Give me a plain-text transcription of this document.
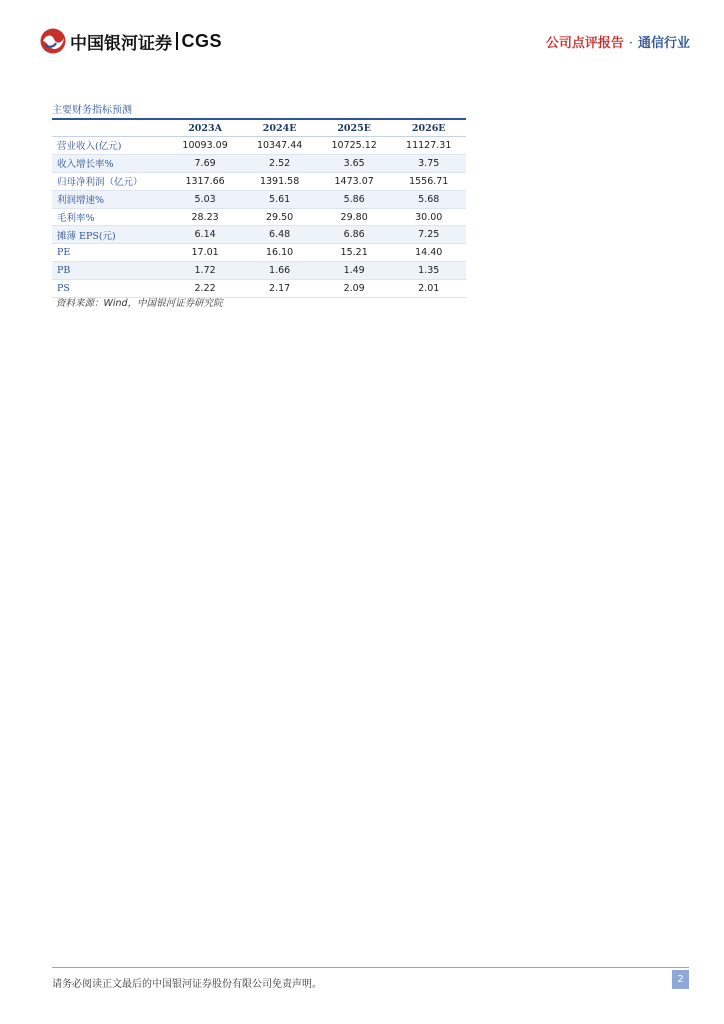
中国银河证券 CGS	公司点评报告 · 通信行业
主要财务指标预测
	2023A	2024E	2025E	2026E
营业收入(亿元)	10093.09	10347.44	10725.12	11127.31
收入增长率%	7.69	2.52	3.65	3.75
归母净利润（亿元）	1317.66	1391.58	1473.07	1556.71
利润增速%	5.03	5.61	5.86	5.68
毛利率%	28.23	29.50	29.80	30.00
摊薄 EPS(元)	6.14	6.48	6.86	7.25
PE	17.01	16.10	15.21	14.40
PB	1.72	1.66	1.49	1.35
PS	2.22	2.17	2.09	2.01
资料来源：Wind，中国银河证券研究院
请务必阅读正文最后的中国银河证券股份有限公司免责声明。	2
